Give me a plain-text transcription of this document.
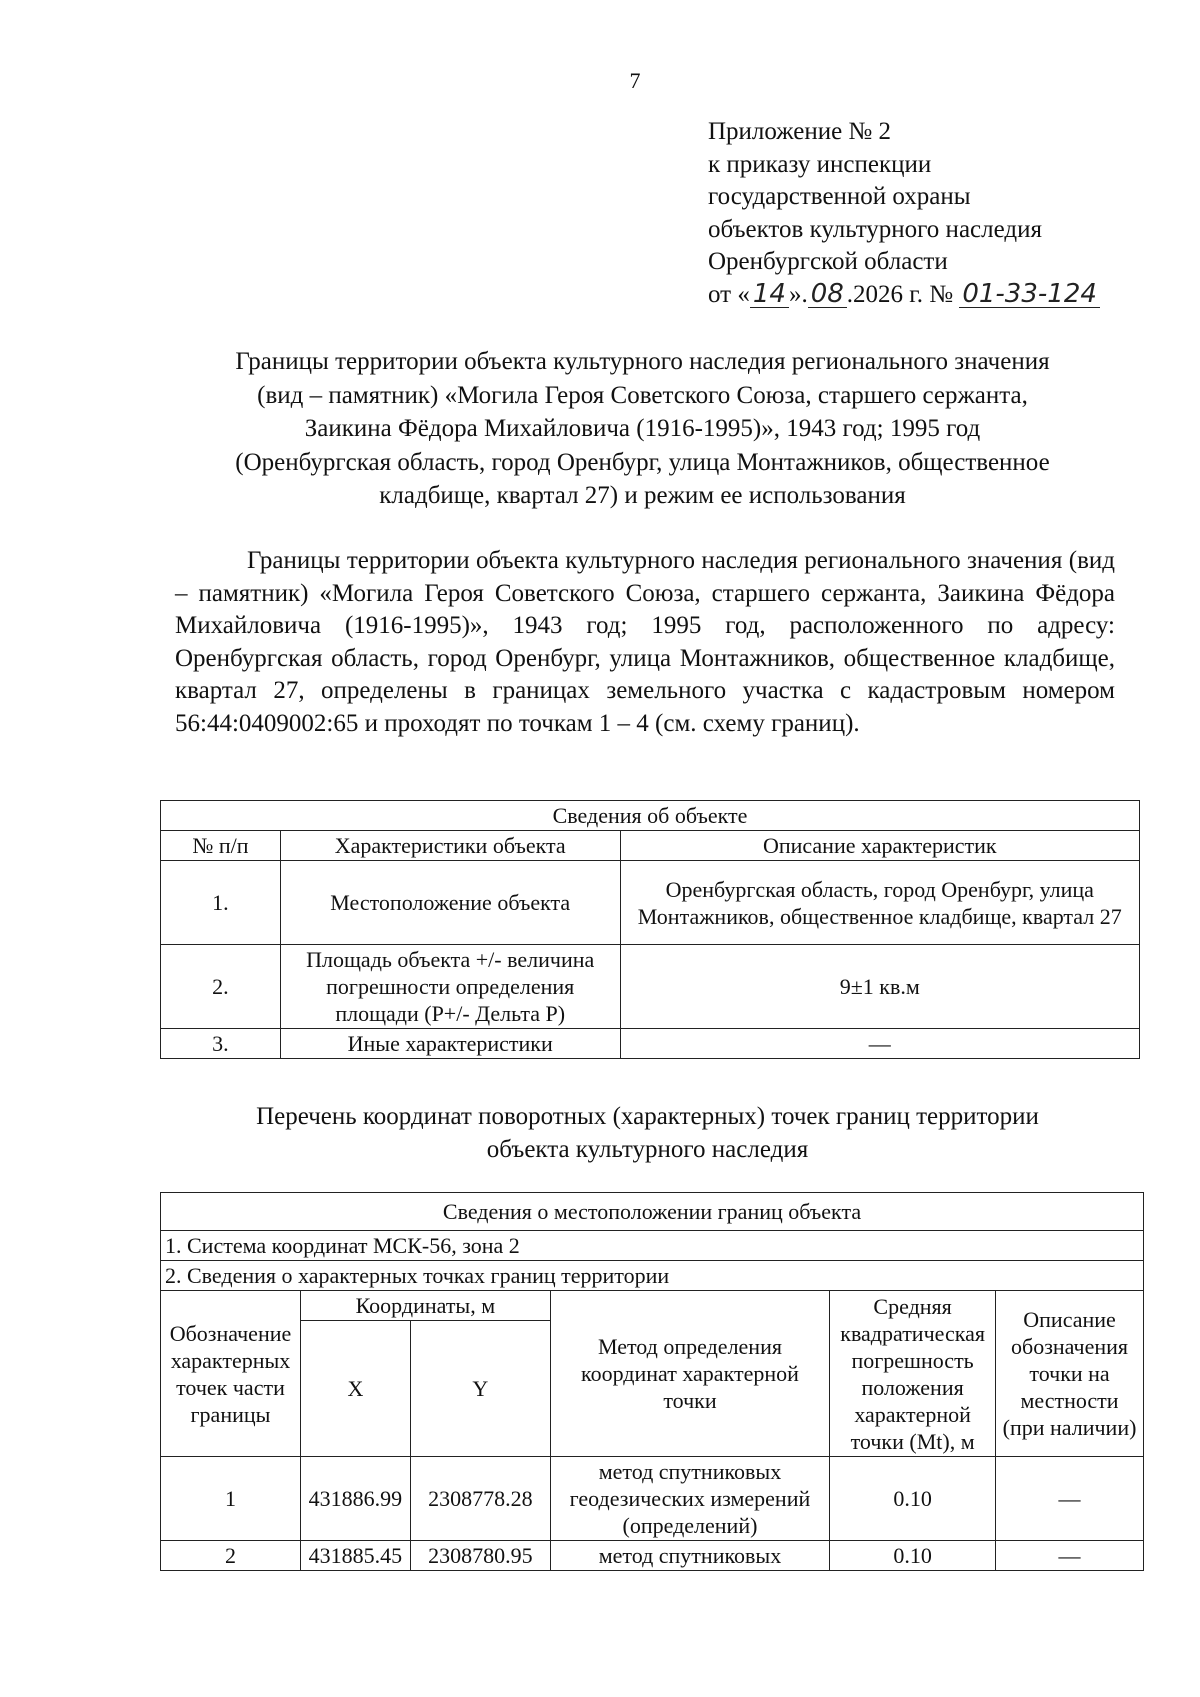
7
Приложение № 2
к приказу инспекции
государственной охраны
объектов культурного наследия
Оренбургской области
от « 14 ». 08 .2026 г. № 01-33-124
Границы территории объекта культурного наследия регионального значения
(вид – памятник) «Могила Героя Советского Союза, старшего сержанта,
Заикина Фёдора Михайловича (1916-1995)», 1943 год; 1995 год
(Оренбургская область, город Оренбург, улица Монтажников, общественное
кладбище, квартал 27) и режим ее использования

Границы территории объекта культурного наследия регионального значения (вид – памятник) «Могила Героя Советского Союза, старшего сержанта, Заикина Фёдора Михайловича (1916-1995)», 1943 год; 1995 год, расположенного по адресу: Оренбургская область, город Оренбург, улица Монтажников, общественное кладбище, квартал 27, определены в границах земельного участка с кадастровым номером 56:44:0409002:65 и проходят по точкам 1 – 4 (см. схему границ).

Сведения об объекте		
№ п/п	Характеристики объекта	Описание характеристик
1.	Местоположение объекта	Оренбургская область, город Оренбург, улица Монтажников, общественное кладбище, квартал 27
2.	Площадь объекта +/- величина погрешности определения площади (Р+/- Дельта Р)	9±1 кв.м
3.	Иные характеристики	—
Перечень координат поворотных (характерных) точек границ территории
объекта культурного наследия
Сведения о местоположении границ объекта					
1. Система координат МСК-56, зона 2					
2. Сведения о характерных точках границ территории					
Обозначение характерных точек части границы	Координаты, м		Метод определения координат характерной точки	Средняя квадратическая погрешность положения характерной точки (Mt), м	Описание обозначения точки на местности (при наличии)
	X	Y			
1	431886.99	2308778.28	метод спутниковых геодезических измерений (определений)	0.10	—
2	431885.45	2308780.95	метод спутниковых	0.10	—
